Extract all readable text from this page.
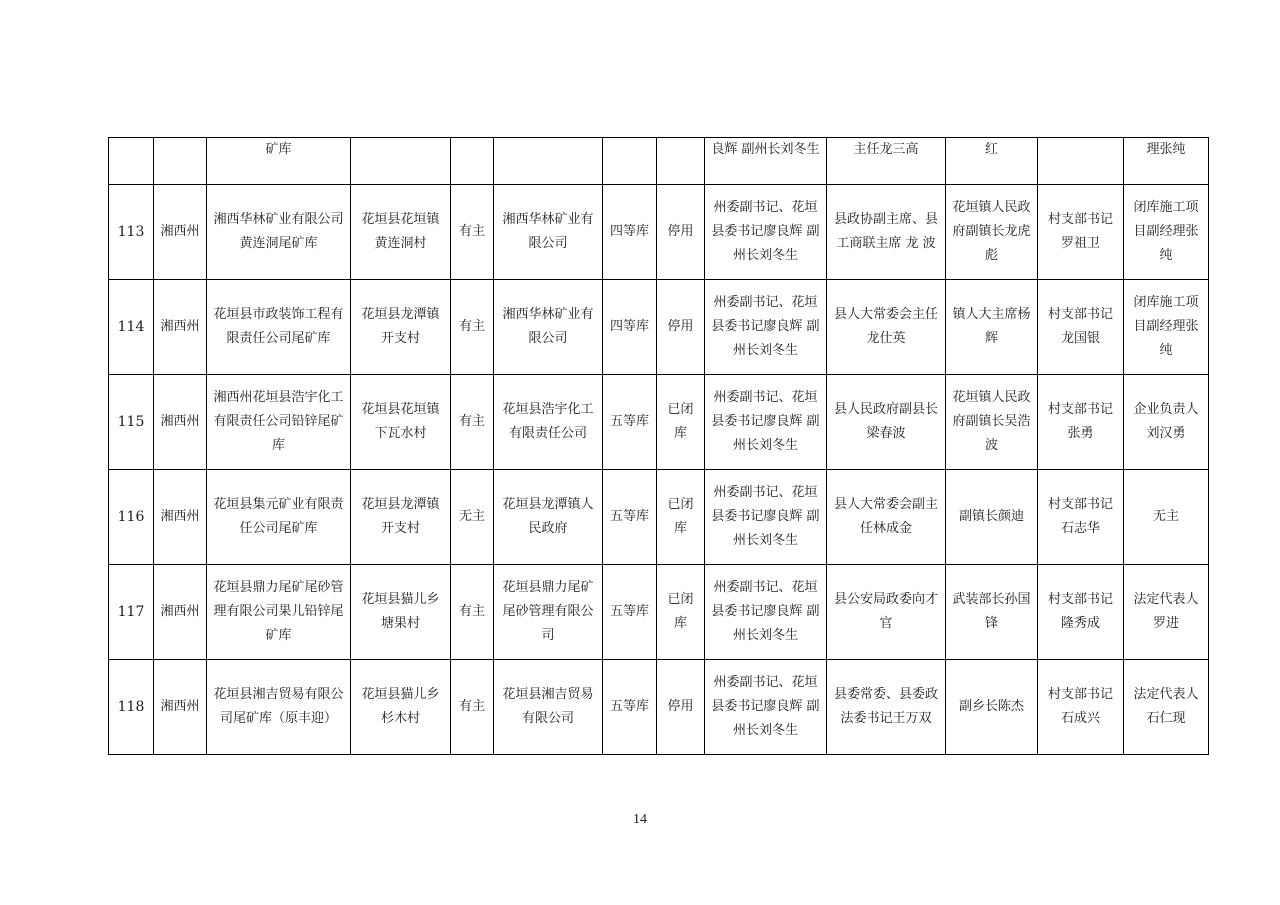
		矿库						良辉 副州长刘冬生	主任龙三高	红		理张纯
113	湘西州	湘西华林矿业有限公司黄连洞尾矿库	花垣县花垣镇黄连洞村	有主	湘西华林矿业有限公司	四等库	停用	州委副书记、花垣县委书记廖良辉 副州长刘冬生	县政协副主席、县工商联主席 龙 波	花垣镇人民政府副镇长龙虎彪	村支部书记罗祖卫	闭库施工项目副经理张纯
114	湘西州	花垣县市政装饰工程有限责任公司尾矿库	花垣县龙潭镇开支村	有主	湘西华林矿业有限公司	四等库	停用	州委副书记、花垣县委书记廖良辉 副州长刘冬生	县人大常委会主任龙仕英	镇人大主席杨 辉	村支部书记龙国银	闭库施工项目副经理张纯
115	湘西州	湘西州花垣县浩宇化工有限责任公司铅锌尾矿库	花垣县花垣镇下瓦水村	有主	花垣县浩宇化工有限责任公司	五等库	已闭库	州委副书记、花垣县委书记廖良辉 副州长刘冬生	县人民政府副县长梁春波	花垣镇人民政府副镇长吴浩波	村支部书记张勇	企业负责人刘汉勇
116	湘西州	花垣县集元矿业有限责任公司尾矿库	花垣县龙潭镇开支村	无主	花垣县龙潭镇人民政府	五等库	已闭库	州委副书记、花垣县委书记廖良辉 副州长刘冬生	县人大常委会副主任林成金	副镇长颜迪	村支部书记石志华	无主
117	湘西州	花垣县鼎力尾矿尾砂管理有限公司果儿铅锌尾矿库	花垣县猫儿乡塘果村	有主	花垣县鼎力尾矿尾砂管理有限公司	五等库	已闭库	州委副书记、花垣县委书记廖良辉 副州长刘冬生	县公安局政委向才官	武装部长孙国锋	村支部书记隆秀成	法定代表人罗进
118	湘西州	花垣县湘吉贸易有限公司尾矿库（原丰迎）	花垣县猫儿乡杉木村	有主	花垣县湘吉贸易有限公司	五等库	停用	州委副书记、花垣县委书记廖良辉 副州长刘冬生	县委常委、县委政法委书记王万双	副乡长陈杰	村支部书记石成兴	法定代表人石仁现
14
